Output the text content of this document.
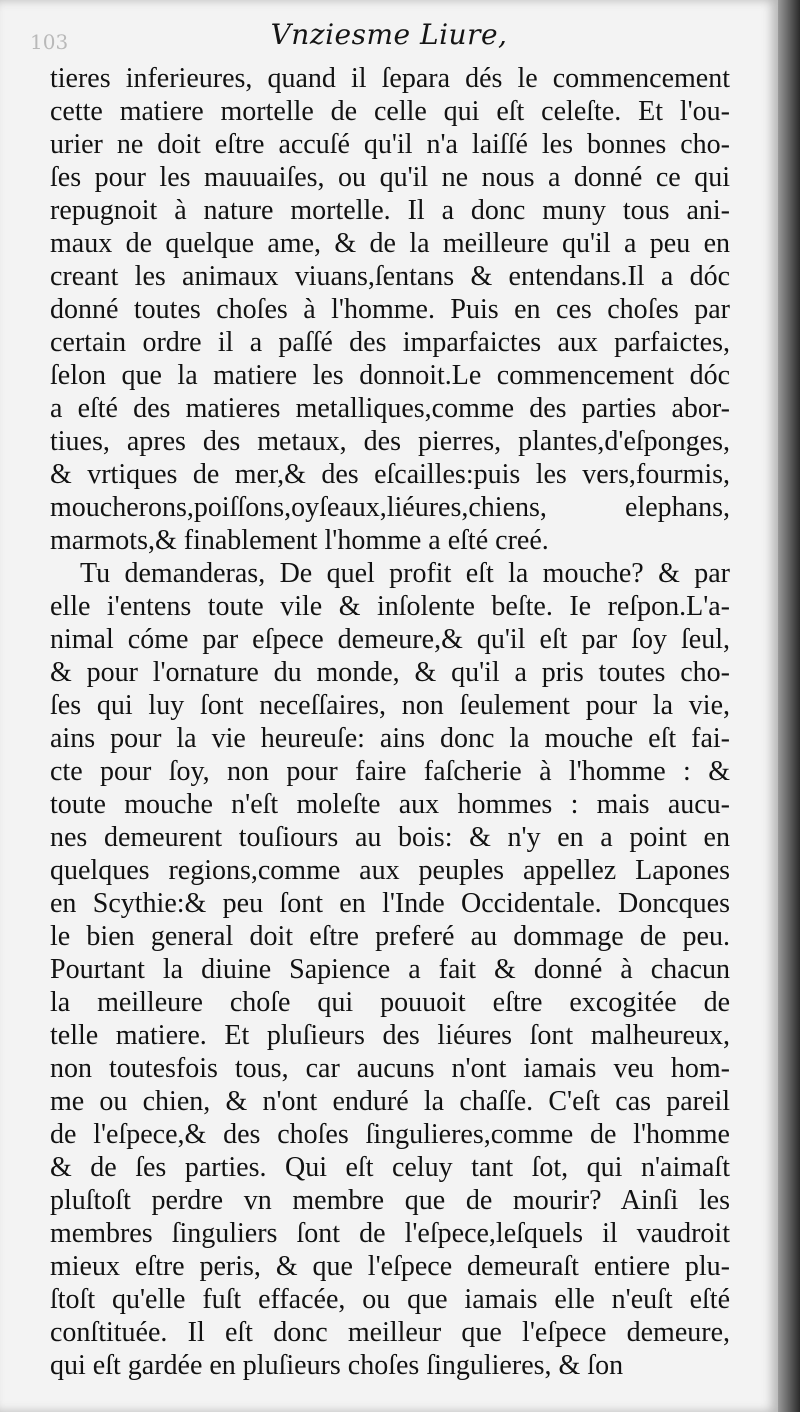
103	Vnziesme Liure,
tieres inferieures, quand il ſepara dés le commencement
cette matiere mortelle de celle qui eſt celeſte. Et l'ou-
urier ne doit eſtre accuſé qu'il n'a laiſſé les bonnes cho-
ſes pour les mauuaiſes, ou qu'il ne nous a donné ce qui
repugnoit à nature mortelle. Il a donc muny tous ani-
maux de quelque ame, & de la meilleure qu'il a peu en
creant les animaux viuans,ſentans & entendans.Il a dóc
donné toutes choſes à l'homme. Puis en ces choſes par
certain ordre il a paſſé des imparfaictes aux parfaictes,
ſelon que la matiere les donnoit.Le commencement dóc
a eſté des matieres metalliques,comme des parties abor-
tiues, apres des metaux, des pierres, plantes,d'eſponges,
& vrtiques de mer,& des eſcailles:puis les vers,fourmis,
moucherons,poiſſons,oyſeaux,liéures,chiens, elephans,
marmots,& finablement l'homme a eſté creé.
Tu demanderas, De quel profit eſt la mouche? & par
elle i'entens toute vile & inſolente beſte. Ie reſpon.L'a-
nimal cóme par eſpece demeure,& qu'il eſt par ſoy ſeul,
& pour l'ornature du monde, & qu'il a pris toutes cho-
ſes qui luy ſont neceſſaires, non ſeulement pour la vie,
ains pour la vie heureuſe: ains donc la mouche eſt fai-
cte pour ſoy, non pour faire faſcherie à l'homme : &
toute mouche n'eſt moleſte aux hommes : mais aucu-
nes demeurent touſiours au bois: & n'y en a point en
quelques regions,comme aux peuples appellez Lapones
en Scythie:& peu ſont en l'Inde Occidentale. Doncques
le bien general doit eſtre preferé au dommage de peu.
Pourtant la diuine Sapience a fait & donné à chacun
la meilleure choſe qui pouuoit eſtre excogitée de
telle matiere. Et pluſieurs des liéures ſont malheureux,
non toutesfois tous, car aucuns n'ont iamais veu hom-
me ou chien, & n'ont enduré la chaſſe. C'eſt cas pareil
de l'eſpece,& des choſes ſingulieres,comme de l'homme
& de ſes parties. Qui eſt celuy tant ſot, qui n'aimaſt
pluſtoſt perdre vn membre que de mourir? Ainſi les
membres ſinguliers ſont de l'eſpece,leſquels il vaudroit
mieux eſtre peris, & que l'eſpece demeuraſt entiere plu-
ſtoſt qu'elle fuſt effacée, ou que iamais elle n'euſt eſté
conſtituée. Il eſt donc meilleur que l'eſpece demeure,
qui eſt gardée en pluſieurs choſes ſingulieres, & ſon
